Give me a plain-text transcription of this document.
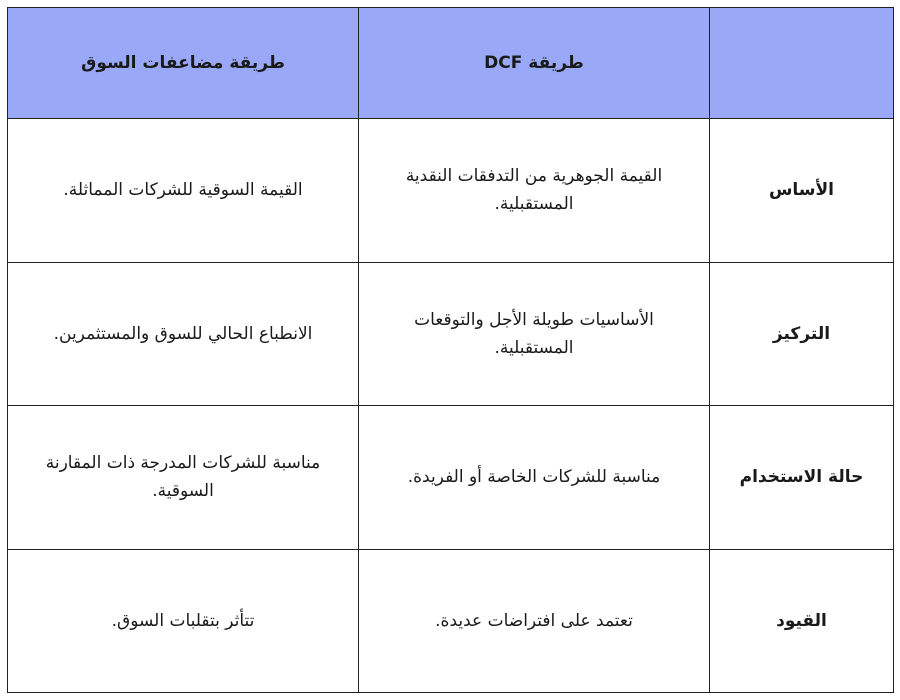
	طريقة DCF	طريقة مضاعفات السوق
الأساس	القيمة الجوهرية من التدفقات النقدية المستقبلية.	القيمة السوقية للشركات المماثلة.
التركيز	الأساسيات طويلة الأجل والتوقعات المستقبلية.	الانطباع الحالي للسوق والمستثمرين.
حالة الاستخدام	مناسبة للشركات الخاصة أو الفريدة.	مناسبة للشركات المدرجة ذات المقارنة السوقية.
القيود	تعتمد على افتراضات عديدة.	تتأثر بتقلبات السوق.
